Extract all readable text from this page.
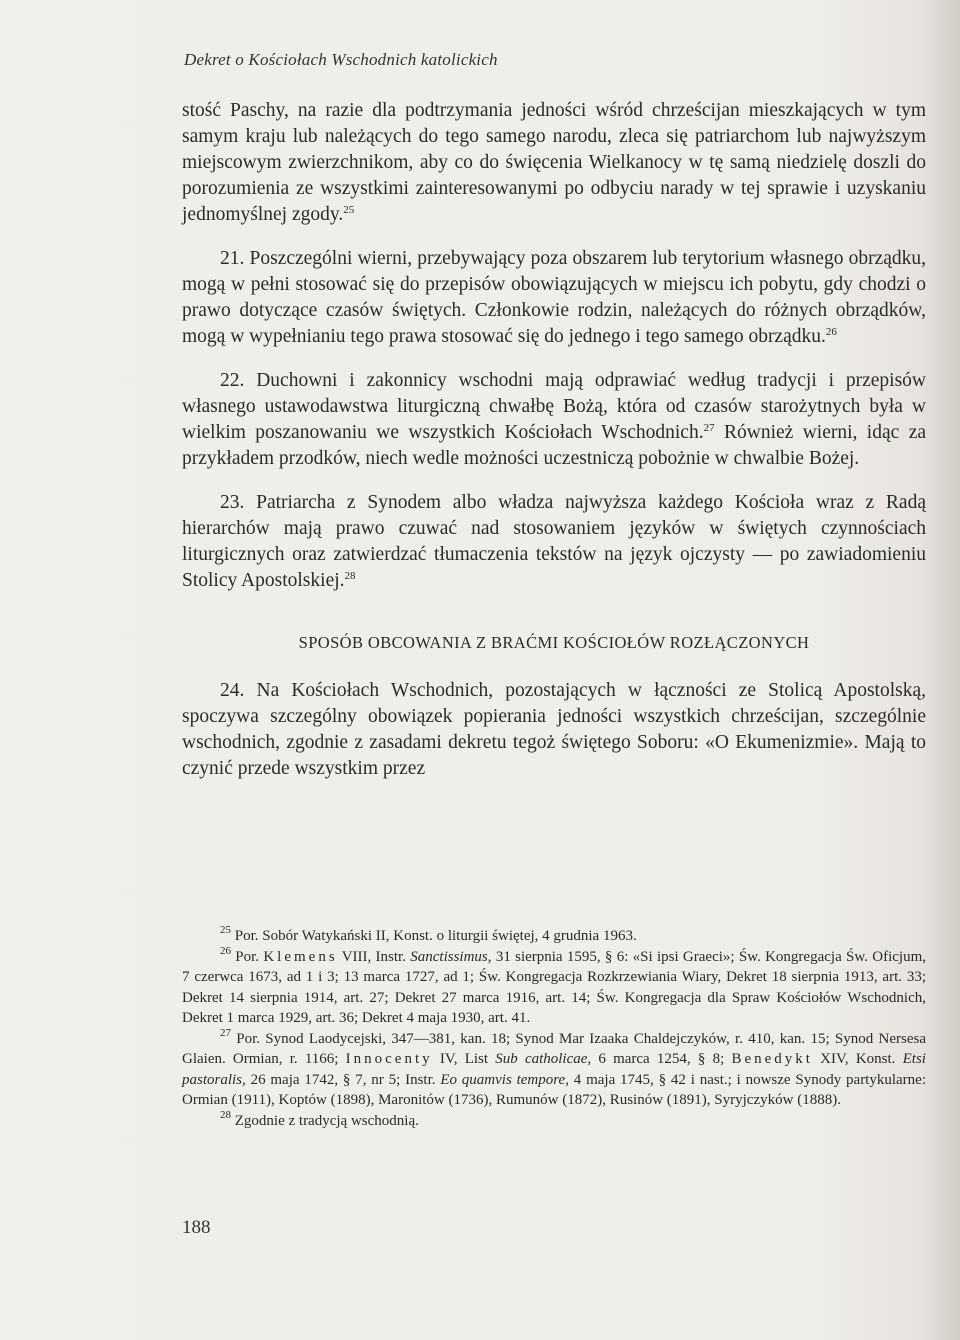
Dekret o Kościołach Wschodnich katolickich

stość Paschy, na razie dla podtrzymania jedności wśród chrześcijan mieszkających w tym samym kraju lub należących do tego samego narodu, zleca się patriarchom lub najwyższym miejscowym zwierzchnikom, aby co do święcenia Wielkanocy w tę samą niedzielę doszli do porozumienia ze wszystkimi zainteresowanymi po odbyciu narady w tej sprawie i uzyskaniu jednomyślnej zgody.$^{25}$

21. Poszczególni wierni, przebywający poza obszarem lub terytorium własnego obrządku, mogą w pełni stosować się do przepisów obowiązujących w miejscu ich pobytu, gdy chodzi o prawo dotyczące czasów świętych. Członkowie rodzin, należących do różnych obrządków, mogą w wypełnianiu tego prawa stosować się do jednego i tego samego obrządku.$^{26}$

22. Duchowni i zakonnicy wschodni mają odprawiać według tradycji i przepisów własnego ustawodawstwa liturgiczną chwałbę Bożą, która od czasów starożytnych była w wielkim poszanowaniu we wszystkich Kościołach Wschodnich.$^{27}$ Również wierni, idąc za przykładem przodków, niech wedle możności uczestniczą pobożnie w chwalbie Bożej.

23. Patriarcha z Synodem albo władza najwyższa każdego Kościoła wraz z Radą hierarchów mają prawo czuwać nad stosowaniem języków w świętych czynnościach liturgicznych oraz zatwierdzać tłumaczenia tekstów na język ojczysty — po zawiadomieniu Stolicy Apostolskiej.$^{28}$

SPOSÓB OBCOWANIA Z BRAĆMI KOŚCIOŁÓW ROZŁĄCZONYCH

24. Na Kościołach Wschodnich, pozostających w łączności ze Stolicą Apostolską, spoczywa szczególny obowiązek popierania jedności wszystkich chrześcijan, szczególnie wschodnich, zgodnie z zasadami dekretu tegoż świętego Soboru: «O Ekumenizmie». Mają to czynić przede wszystkim przez

$^{25}$ Por. Sobór Watykański II, Konst. o liturgii świętej, 4 grudnia 1963.

$^{26}$ Por. Klemens VIII, Instr. Sanctissimus, 31 sierpnia 1595, § 6: «Si ipsi Graeci»; Św. Kongregacja Św. Oficjum, 7 czerwca 1673, ad 1 i 3; 13 marca 1727, ad 1; Św. Kongregacja Rozkrzewiania Wiary, Dekret 18 sierpnia 1913, art. 33; Dekret 14 sierpnia 1914, art. 27; Dekret 27 marca 1916, art. 14; Św. Kongregacja dla Spraw Kościołów Wschodnich, Dekret 1 marca 1929, art. 36; Dekret 4 maja 1930, art. 41.

$^{27}$ Por. Synod Laodycejski, 347—381, kan. 18; Synod Mar Izaaka Chaldejczyków, r. 410, kan. 15; Synod Nersesa Glaien. Ormian, r. 1166; Innocenty IV, List Sub catholicae, 6 marca 1254, § 8; Benedykt XIV, Konst. Etsi pastoralis, 26 maja 1742, § 7, nr 5; Instr. Eo quamvis tempore, 4 maja 1745, § 42 i nast.; i nowsze Synody partykularne: Ormian (1911), Koptów (1898), Maronitów (1736), Rumunów (1872), Rusinów (1891), Syryjczyków (1888).

$^{28}$ Zgodnie z tradycją wschodnią.

188
